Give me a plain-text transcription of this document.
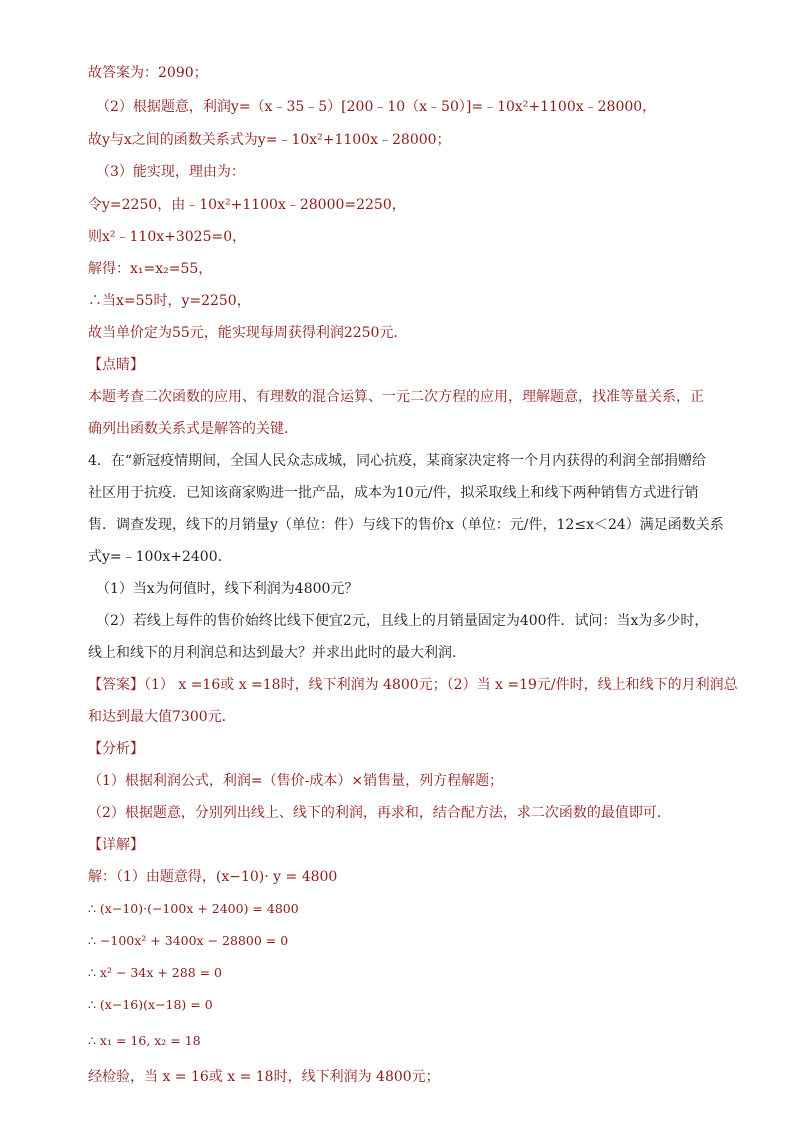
故答案为：2090；
（2）根据题意，利润y=（x﹣35﹣5）[200﹣10（x﹣50）]=﹣10x²+1100x﹣28000，
故y与x之间的函数关系式为y=﹣10x²+1100x﹣28000；
（3）能实现，理由为：
令y=2250，由﹣10x²+1100x﹣28000=2250，
则x²﹣110x+3025=0，
解得：x₁=x₂=55，
∴当x=55时，y=2250，
故当单价定为55元，能实现每周获得利润2250元．
【点睛】
本题考查二次函数的应用、有理数的混合运算、一元二次方程的应用，理解题意，找准等量关系，正
确列出函数关系式是解答的关键．
4．在“新冠疫情期间，全国人民众志成城，同心抗疫，某商家决定将一个月内获得的利润全部捐赠给
社区用于抗疫．已知该商家购进一批产品，成本为10元/件，拟采取线上和线下两种销售方式进行销
售．调查发现，线下的月销量y（单位：件）与线下的售价x（单位：元/件，12≤x＜24）满足函数关系
式y=﹣100x+2400．
（1）当x为何值时，线下利润为4800元？
（2）若线上每件的售价始终比线下便宜2元，且线上的月销量固定为400件．试问：当x为多少时，
线上和线下的月利润总和达到最大？并求出此时的最大利润．
【答案】（1） x =16或 x =18时，线下利润为 4800元；（2）当 x =19元/件时，线上和线下的月利润总
和达到最大值7300元．
【分析】
（1）根据利润公式，利润=（售价-成本）×销售量，列方程解题；
（2）根据题意，分别列出线上、线下的利润，再求和，结合配方法，求二次函数的最值即可．
【详解】
解：（1）由题意得，(x−10)· y = 4800
∴ (x−10)·(−100x + 2400) = 4800
∴ −100x² + 3400x − 28800 = 0
∴ x² − 34x + 288 = 0
∴ (x−16)(x−18) = 0
∴ x₁ = 16, x₂ = 18
经检验，当 x = 16或 x = 18时，线下利润为 4800元；
